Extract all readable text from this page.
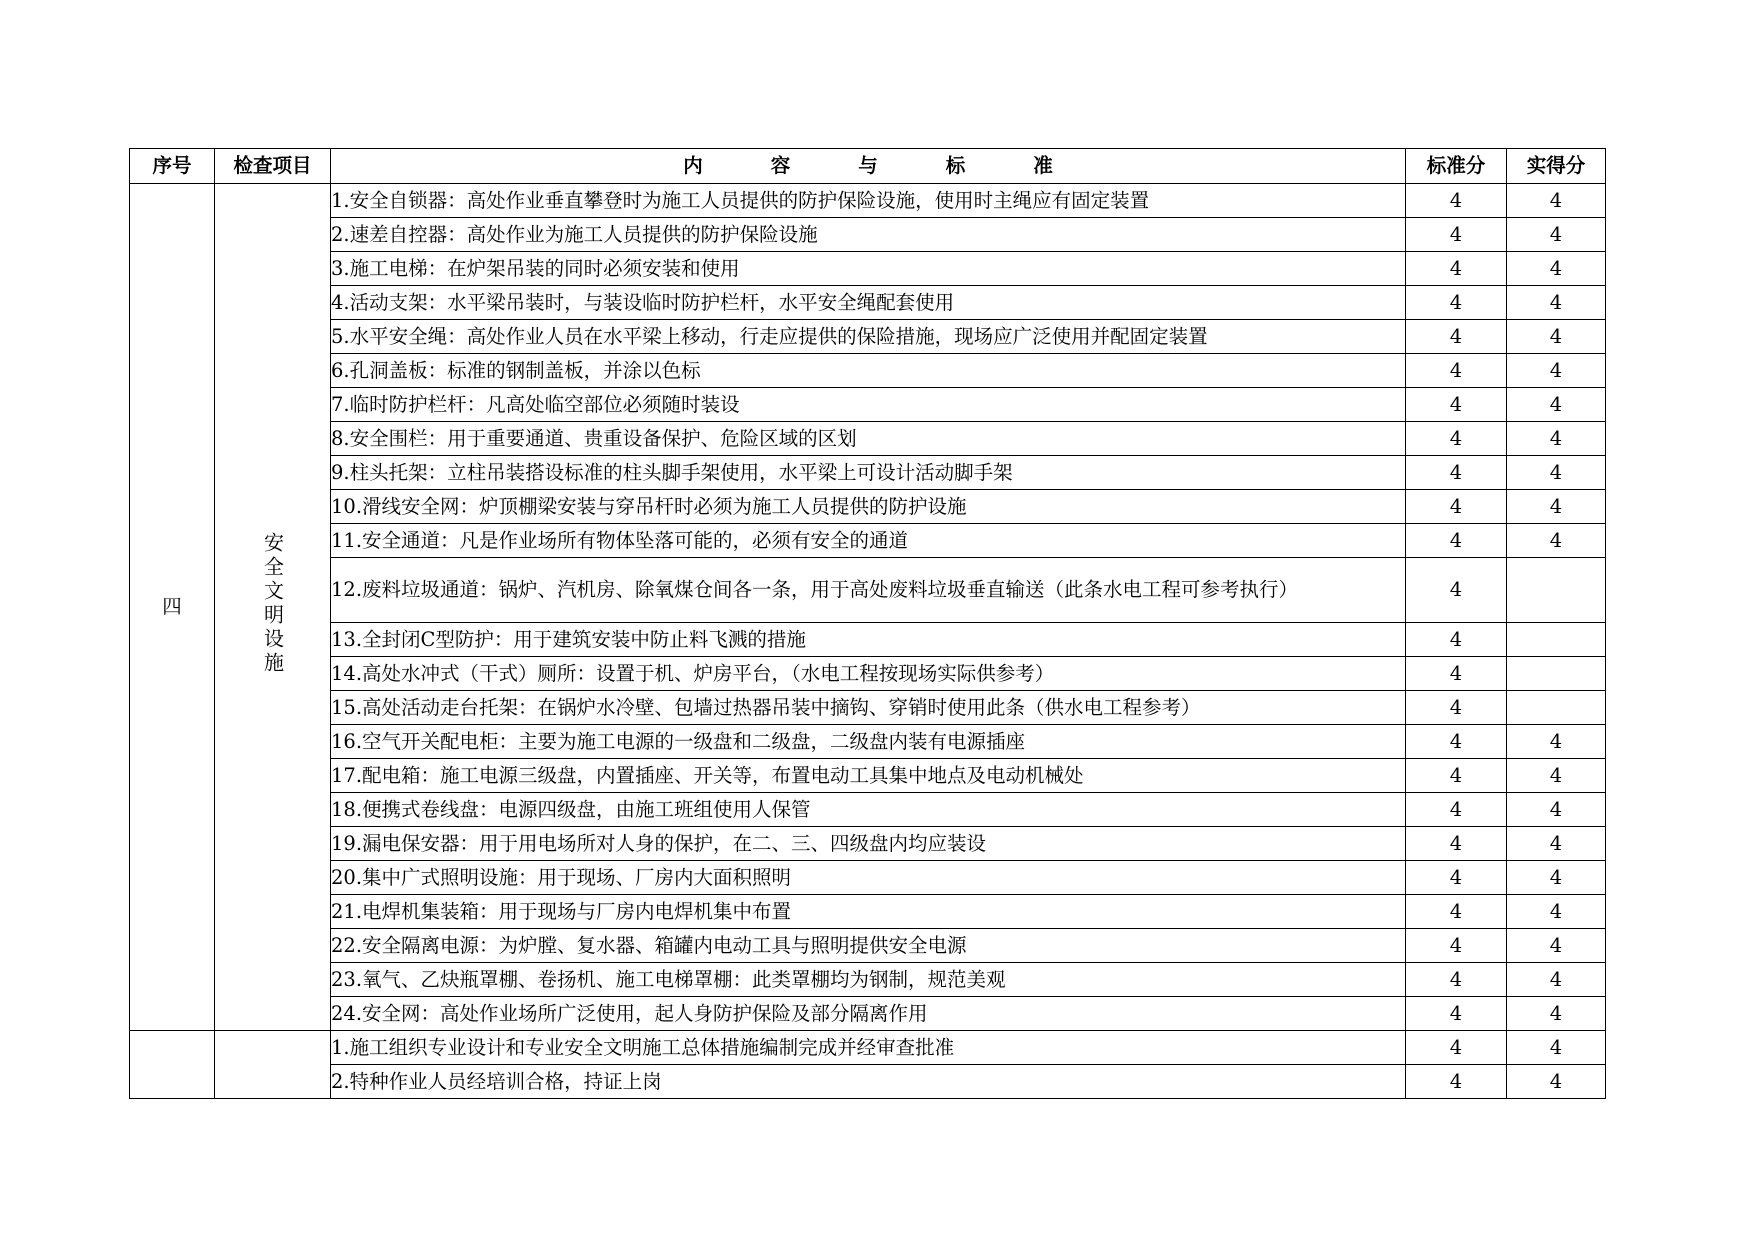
序号	检查项目	内 容 与 标 准	标准分	实得分
四	安全文明设施	1.安全自锁器：高处作业垂直攀登时为施工人员提供的防护保险设施，使用时主绳应有固定装置	4	4
		2.速差自控器：高处作业为施工人员提供的防护保险设施	4	4
		3.施工电梯：在炉架吊装的同时必须安装和使用	4	4
		4.活动支架：水平梁吊装时，与装设临时防护栏杆，水平安全绳配套使用	4	4
		5.水平安全绳：高处作业人员在水平梁上移动，行走应提供的保险措施，现场应广泛使用并配固定装置	4	4
		6.孔洞盖板：标准的钢制盖板，并涂以色标	4	4
		7.临时防护栏杆：凡高处临空部位必须随时装设	4	4
		8.安全围栏：用于重要通道、贵重设备保护、危险区域的区划	4	4
		9.柱头托架：立柱吊装搭设标准的柱头脚手架使用，水平梁上可设计活动脚手架	4	4
		10.滑线安全网：炉顶棚梁安装与穿吊杆时必须为施工人员提供的防护设施	4	4
		11.安全通道：凡是作业场所有物体坠落可能的，必须有安全的通道	4	4
		12.废料垃圾通道：锅炉、汽机房、除氧煤仓间各一条，用于高处废料垃圾垂直输送（此条水电工程可参考执行）	4	
		13.全封闭C型防护：用于建筑安装中防止料飞溅的措施	4	
		14.高处水冲式（干式）厕所：设置于机、炉房平台，（水电工程按现场实际供参考）	4	
		15.高处活动走台托架：在锅炉水冷壁、包墙过热器吊装中摘钩、穿销时使用此条（供水电工程参考）	4	
		16.空气开关配电柜：主要为施工电源的一级盘和二级盘，二级盘内装有电源插座	4	4
		17.配电箱：施工电源三级盘，内置插座、开关等，布置电动工具集中地点及电动机械处	4	4
		18.便携式卷线盘：电源四级盘，由施工班组使用人保管	4	4
		19.漏电保安器：用于用电场所对人身的保护，在二、三、四级盘内均应装设	4	4
		20.集中广式照明设施：用于现场、厂房内大面积照明	4	4
		21.电焊机集装箱：用于现场与厂房内电焊机集中布置	4	4
		22.安全隔离电源：为炉膛、复水器、箱罐内电动工具与照明提供安全电源	4	4
		23.氧气、乙炔瓶罩棚、卷扬机、施工电梯罩棚：此类罩棚均为钢制，规范美观	4	4
		24.安全网：高处作业场所广泛使用，起人身防护保险及部分隔离作用	4	4
		1.施工组织专业设计和专业安全文明施工总体措施编制完成并经审查批准	4	4
		2.特种作业人员经培训合格，持证上岗	4	4
